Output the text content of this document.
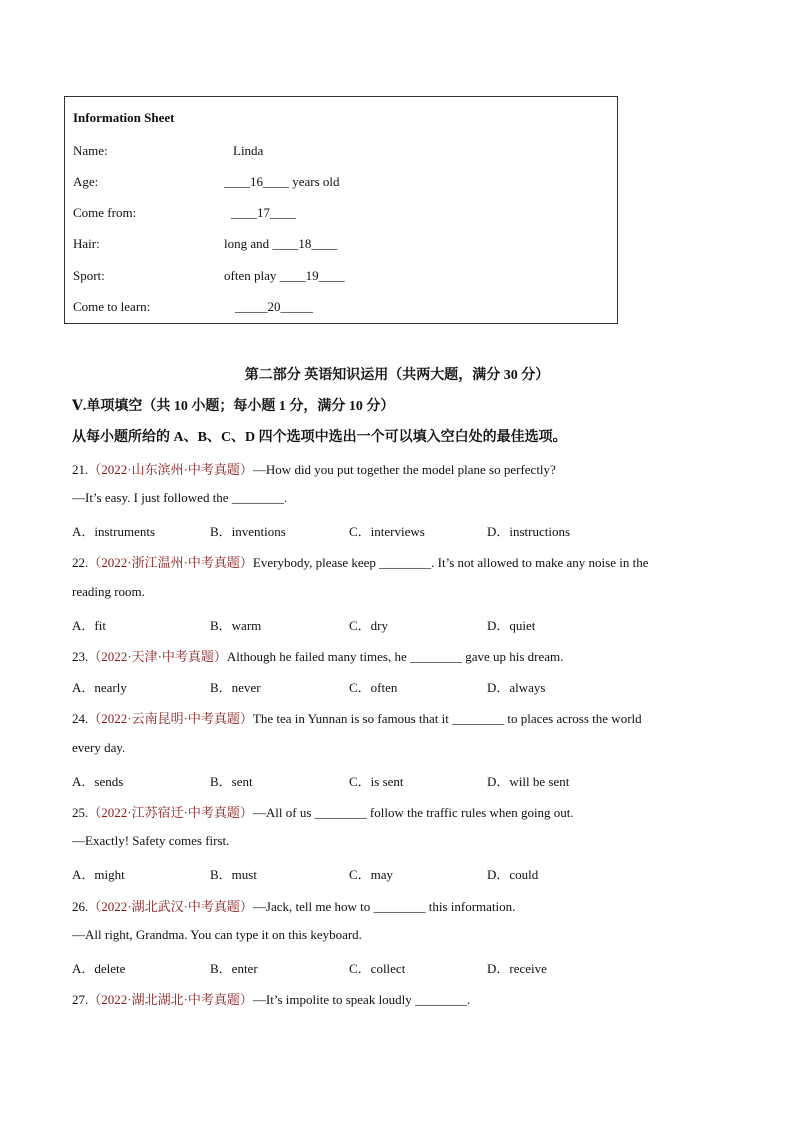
Information Sheet
Name:	Linda
Age:	____16____ years old
Come from:	____17____
Hair:	long and ____18____
Sport:	often play ____19____
Come to learn:	_____20_____
第二部分 英语知识运用（共两大题，满分 30 分）
Ⅴ.单项填空（共 10 小题；每小题 1 分，满分 10 分）
从每小题所给的 A、B、C、D 四个选项中选出一个可以填入空白处的最佳选项。
21.（2022·山东滨州·中考真题）—How did you put together the model plane so perfectly?
—It’s easy. I just followed the ________.
A．instruments	B．inventions	C．interviews	D．instructions
22.（2022·浙江温州·中考真题）Everybody, please keep ________. It’s not allowed to make any noise in the
reading room.
A．fit	B．warm	C．dry	D．quiet
23.（2022·天津·中考真题）Although he failed many times, he ________ gave up his dream.
A．nearly	B．never	C．often	D．always
24.（2022·云南昆明·中考真题）The tea in Yunnan is so famous that it ________ to places across the world
every day.
A．sends	B．sent	C．is sent	D．will be sent
25.（2022·江苏宿迁·中考真题）—All of us ________ follow the traffic rules when going out.
—Exactly! Safety comes first.
A．might	B．must	C．may	D．could
26.（2022·湖北武汉·中考真题）—Jack, tell me how to ________ this information.
—All right, Grandma. You can type it on this keyboard.
A．delete	B．enter	C．collect	D．receive
27.（2022·湖北湖北·中考真题）—It’s impolite to speak loudly ________.
